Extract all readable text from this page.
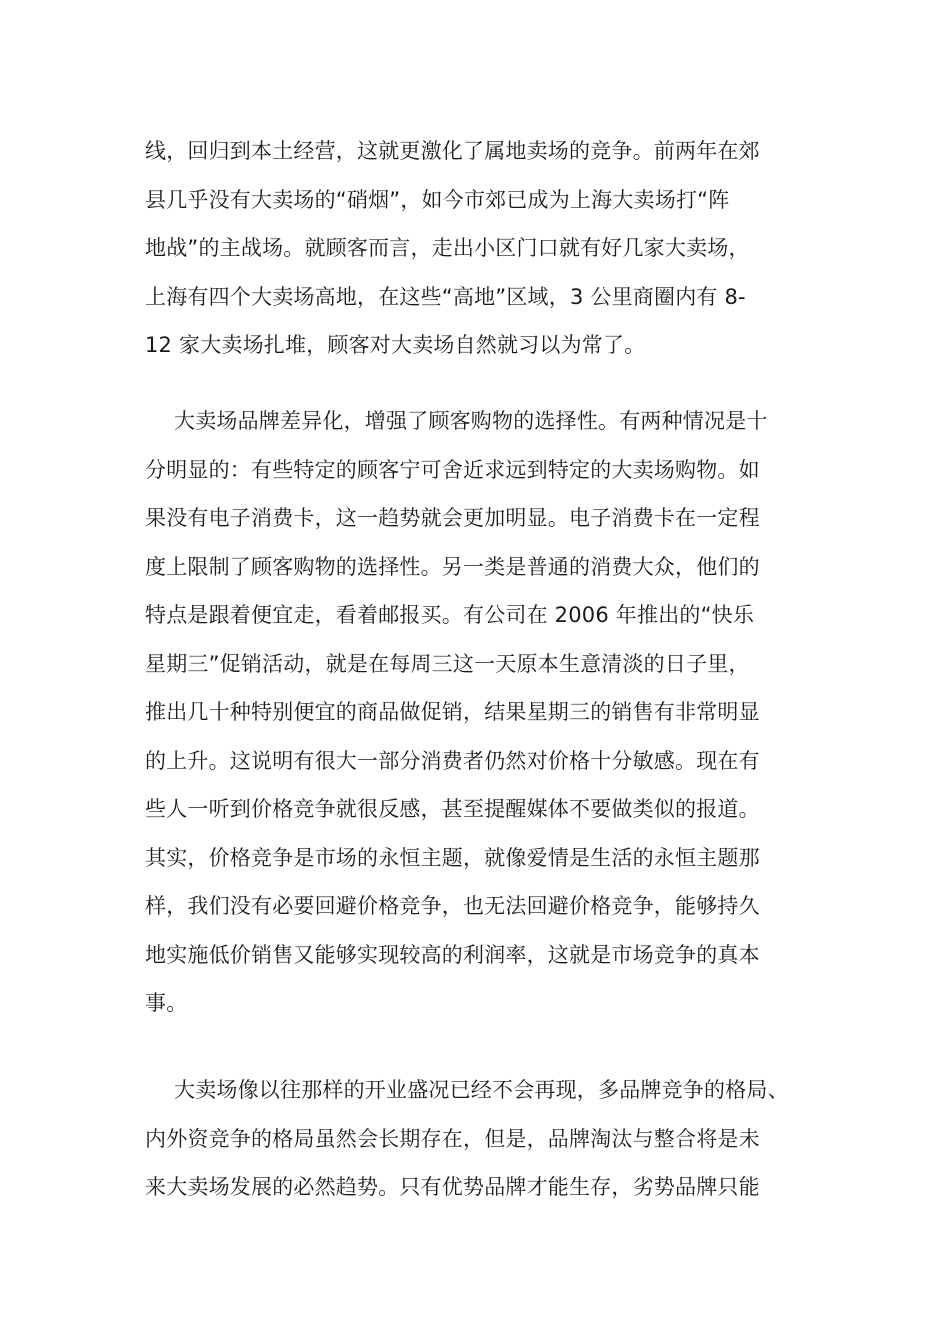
线，回归到本土经营，这就更激化了属地卖场的竞争。前两年在郊
县几乎没有大卖场的“硝烟”，如今市郊已成为上海大卖场打“阵
地战”的主战场。就顾客而言，走出小区门口就有好几家大卖场，
上海有四个大卖场高地，在这些“高地”区域，3 公里商圈内有 8-
12 家大卖场扎堆，顾客对大卖场自然就习以为常了。
大卖场品牌差异化，增强了顾客购物的选择性。有两种情况是十
分明显的：有些特定的顾客宁可舍近求远到特定的大卖场购物。如
果没有电子消费卡，这一趋势就会更加明显。电子消费卡在一定程
度上限制了顾客购物的选择性。另一类是普通的消费大众，他们的
特点是跟着便宜走，看着邮报买。有公司在 2006 年推出的“快乐
星期三”促销活动，就是在每周三这一天原本生意清淡的日子里，
推出几十种特别便宜的商品做促销，结果星期三的销售有非常明显
的上升。这说明有很大一部分消费者仍然对价格十分敏感。现在有
些人一听到价格竞争就很反感，甚至提醒媒体不要做类似的报道。
其实，价格竞争是市场的永恒主题，就像爱情是生活的永恒主题那
样，我们没有必要回避价格竞争，也无法回避价格竞争，能够持久
地实施低价销售又能够实现较高的利润率，这就是市场竞争的真本
事。
大卖场像以往那样的开业盛况已经不会再现，多品牌竞争的格局、
内外资竞争的格局虽然会长期存在，但是，品牌淘汰与整合将是未
来大卖场发展的必然趋势。只有优势品牌才能生存，劣势品牌只能
